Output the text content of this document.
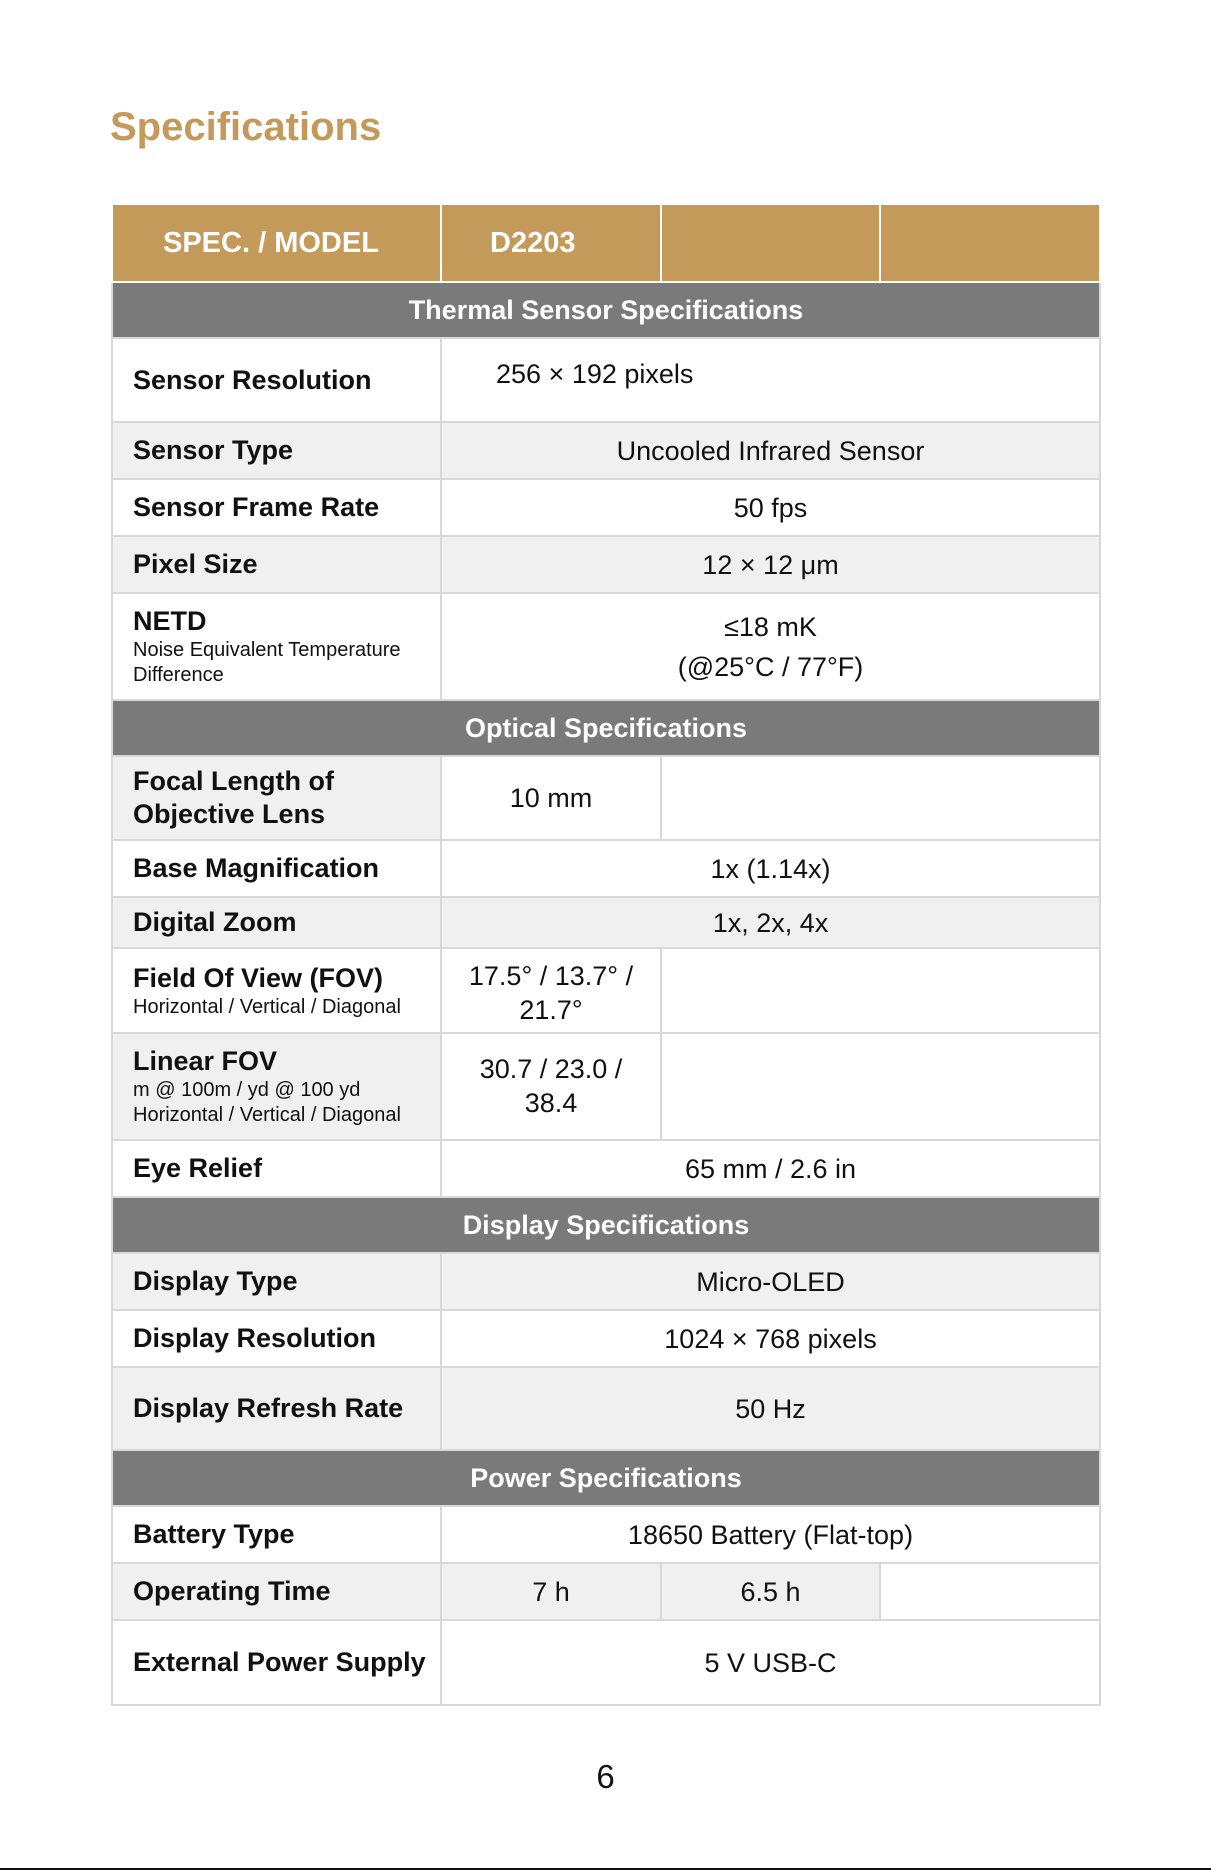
Specifications
SPEC. / MODEL	D2203		
Thermal Sensor Specifications			

Sensor Resolution	256 × 192 pixels		

Sensor Type	Uncooled Infrared Sensor		

Sensor Frame Rate	50 fps		

Pixel Size	12 × 12 μm		

NETD
Noise Equivalent Temperature Difference	≤18 mK
(@25°C / 77°F)		

Optical Specifications			

Focal Length of Objective Lens	10 mm		

Base Magnification	1x (1.14x)		

Digital Zoom	1x, 2x, 4x		

Field Of View (FOV)
Horizontal / Vertical / Diagonal	17.5° / 13.7° /
21.7°		

Linear FOV
m @ 100m / yd @ 100 yd
Horizontal / Vertical / Diagonal	30.7 / 23.0 /
38.4		

Eye Relief	65 mm / 2.6 in		
Display Specifications			

Display Type	Micro-OLED		

Display Resolution	1024 × 768 pixels		

Display Refresh Rate	50 Hz		
Power Specifications			

Battery Type	18650 Battery (Flat-top)		

Operating Time	7 h	6.5 h	

External Power Supply	5 V USB-C		
6
